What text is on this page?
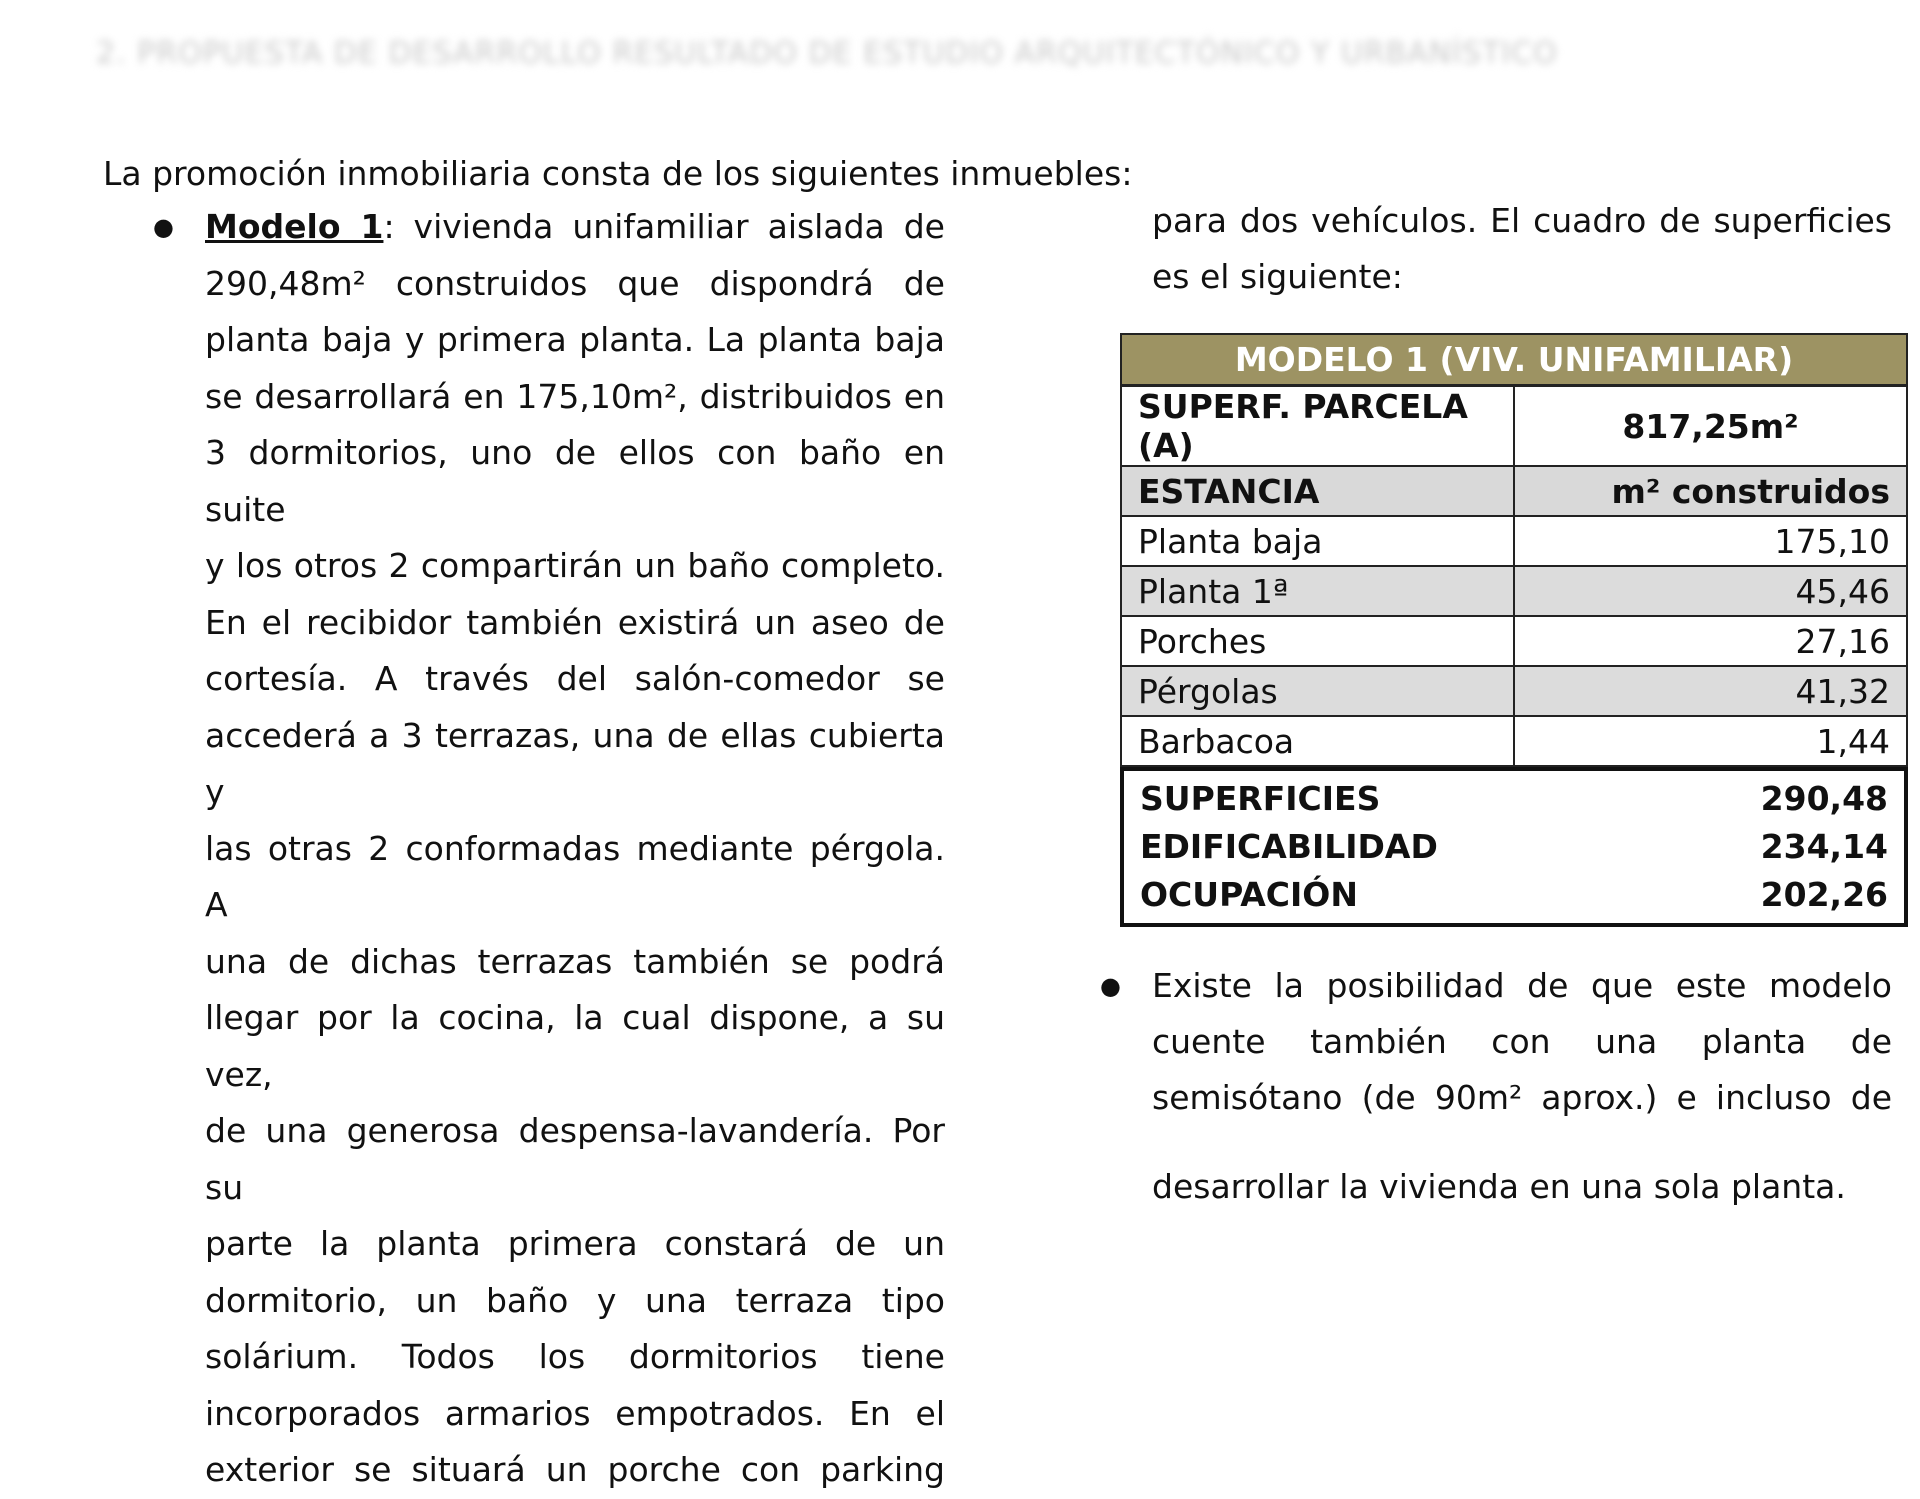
2. PROPUESTA DE DESARROLLO RESULTADO DE ESTUDIO ARQUITECTÓNICO Y URBANÍSTICO

La promoción inmobiliaria consta de los siguientes inmuebles:

● Modelo 1: vivienda unifamiliar aislada de

290,48m² construidos que dispondrá de

planta baja y primera planta. La planta baja

se desarrollará en 175,10m², distribuidos en

3 dormitorios, uno de ellos con baño en suite

y los otros 2 compartirán un baño completo.

En el recibidor también existirá un aseo de

cortesía. A través del salón-comedor se

accederá a 3 terrazas, una de ellas cubierta y

las otras 2 conformadas mediante pérgola. A

una de dichas terrazas también se podrá

llegar por la cocina, la cual dispone, a su vez,

de una generosa despensa-lavandería. Por su

parte la planta primera constará de un

dormitorio, un baño y una terraza tipo

solárium. Todos los dormitorios tiene

incorporados armarios empotrados. En el

exterior se situará un porche con parking

para dos vehículos. El cuadro de superficies
es el siguiente:
MODELO 1 (VIV. UNIFAMILIAR)	
SUPERF. PARCELA (A)	817,25m²
ESTANCIA	m² construidos
Planta baja	175,10
Planta 1ª	45,46
Porches	27,16
Pérgolas	41,32
Barbacoa	1,44
SUPERFICIES	290,48
EDIFICABILIDAD	234,14
OCUPACIÓN	202,26
● Existe la posibilidad de que este modelo

cuente también con una planta de

semisótano (de 90m² aprox.) e incluso de

desarrollar la vivienda en una sola planta.
